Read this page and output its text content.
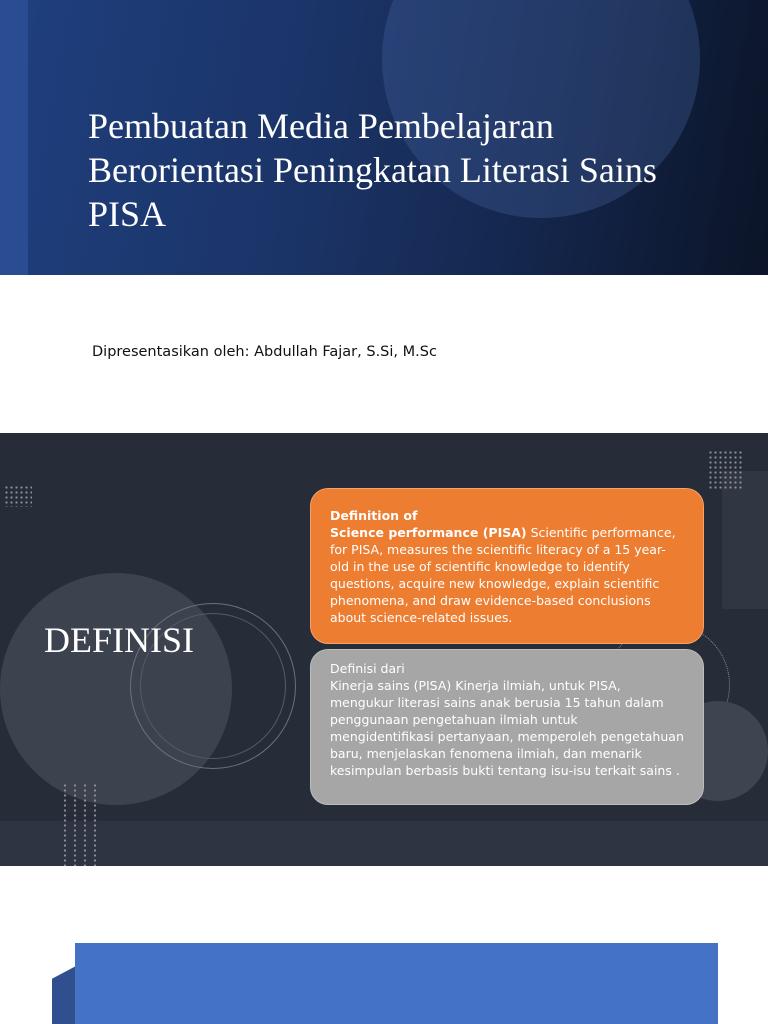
Pembuatan Media Pembelajaran
Berorientasi Peningkatan Literasi Sains
PISA
Dipresentasikan oleh: Abdullah Fajar, S.Si, M.Sc
DEFINISI
Definition of
Science performance (PISA) Scientific performance, for PISA, measures the scientific literacy of a 15 year-old in the use of scientific knowledge to identify questions, acquire new knowledge, explain scientific phenomena, and draw evidence-based conclusions about science-related issues.
Definisi dari
Kinerja sains (PISA) Kinerja ilmiah, untuk PISA, mengukur literasi sains anak berusia 15 tahun dalam penggunaan pengetahuan ilmiah untuk mengidentifikasi pertanyaan, memperoleh pengetahuan baru, menjelaskan fenomena ilmiah, dan menarik kesimpulan berbasis bukti tentang isu-isu terkait sains .
